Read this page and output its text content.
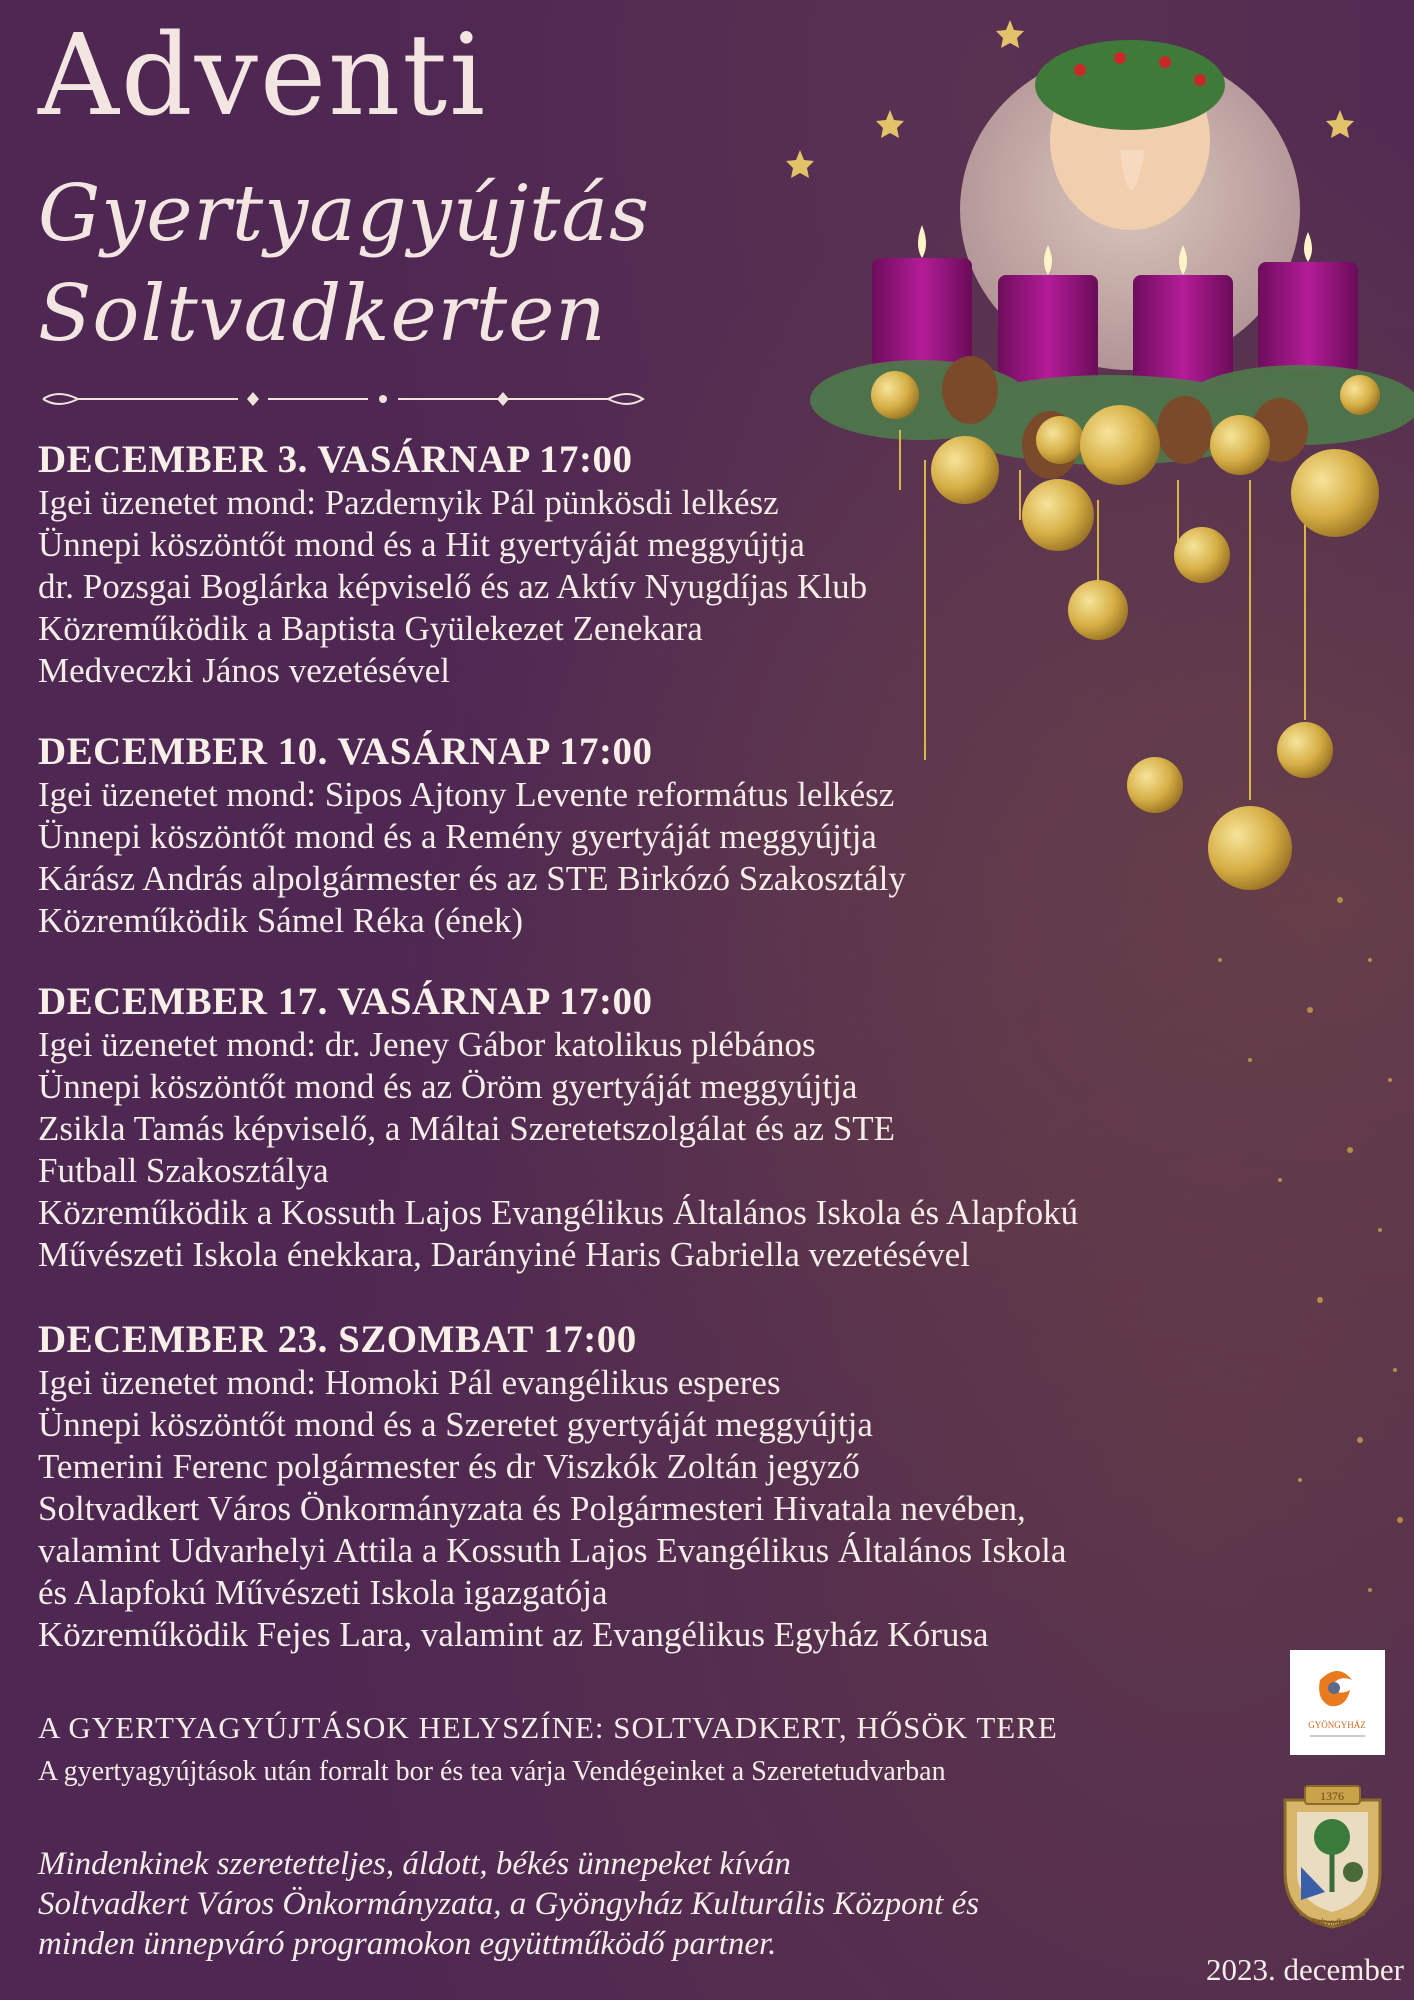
Adventi
Gyertyagyújtás
Soltvadkerten
DECEMBER 3. VASÁRNAP 17:00
Igei üzenetet mond: Pazdernyik Pál pünkösdi lelkész
Ünnepi köszöntőt mond és a Hit gyertyáját meggyújtja
dr. Pozsgai Boglárka képviselő és az Aktív Nyugdíjas Klub
Közreműködik a Baptista Gyülekezet Zenekara
Medveczki János vezetésével
DECEMBER 10. VASÁRNAP 17:00
Igei üzenetet mond: Sipos Ajtony Levente református lelkész
Ünnepi köszöntőt mond és a Remény gyertyáját meggyújtja
Kárász András alpolgármester és az STE Birkózó Szakosztály
Közreműködik Sámel Réka (ének)
DECEMBER 17. VASÁRNAP 17:00
Igei üzenetet mond: dr. Jeney Gábor katolikus plébános
Ünnepi köszöntőt mond és az Öröm gyertyáját meggyújtja
Zsikla Tamás képviselő, a Máltai Szeretetszolgálat és az STE
Futball Szakosztálya
Közreműködik a Kossuth Lajos Evangélikus Általános Iskola és Alapfokú
Művészeti Iskola énekkara, Darányiné Haris Gabriella vezetésével
DECEMBER 23. SZOMBAT 17:00
Igei üzenetet mond: Homoki Pál evangélikus esperes
Ünnepi köszöntőt mond és a Szeretet gyertyáját meggyújtja
Temerini Ferenc polgármester és dr Viszkók Zoltán jegyző
Soltvadkert Város Önkormányzata és Polgármesteri Hivatala nevében,
valamint Udvarhelyi Attila a Kossuth Lajos Evangélikus Általános Iskola
és Alapfokú Művészeti Iskola igazgatója
Közreműködik Fejes Lara, valamint az Evangélikus Egyház Kórusa
A GYERTYAGYÚJTÁSOK HELYSZÍNE: SOLTVADKERT, HŐSÖK TERE
A gyertyagyújtások után forralt bor és tea várja Vendégeinket a Szeretetudvarban
Mindenkinek szeretetteljes, áldott, békés ünnepeket kíván
Soltvadkert Város Önkormányzata, a Gyöngyház Kulturális Központ és
minden ünnepváró programokon együttműködő partner.
2023. december
GYÖNGYHÁZ
1376
Soltvadkert
